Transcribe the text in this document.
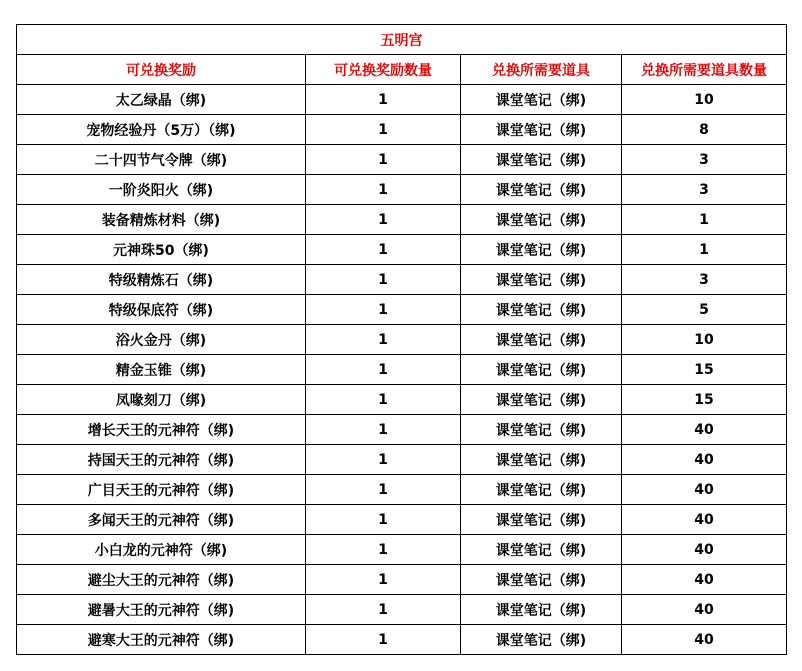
五明宫			
可兑换奖励	可兑换奖励数量	兑换所需要道具	兑换所需要道具数量
太乙绿晶（绑)	1	课堂笔记（绑)	10
宠物经验丹（5万）（绑)	1	课堂笔记（绑)	8
二十四节气令牌（绑)	1	课堂笔记（绑)	3
一阶炎阳火（绑)	1	课堂笔记（绑)	3
装备精炼材料（绑)	1	课堂笔记（绑)	1
元神珠50（绑)	1	课堂笔记（绑)	1
特级精炼石（绑)	1	课堂笔记（绑)	3
特级保底符（绑)	1	课堂笔记（绑)	5
浴火金丹（绑)	1	课堂笔记（绑)	10
精金玉锥（绑)	1	课堂笔记（绑)	15
凤喙刻刀（绑)	1	课堂笔记（绑)	15
增长天王的元神符（绑)	1	课堂笔记（绑)	40
持国天王的元神符（绑)	1	课堂笔记（绑)	40
广目天王的元神符（绑)	1	课堂笔记（绑)	40
多闻天王的元神符（绑)	1	课堂笔记（绑)	40
小白龙的元神符（绑)	1	课堂笔记（绑)	40
避尘大王的元神符（绑)	1	课堂笔记（绑)	40
避暑大王的元神符（绑)	1	课堂笔记（绑)	40
避寒大王的元神符（绑)	1	课堂笔记（绑)	40
